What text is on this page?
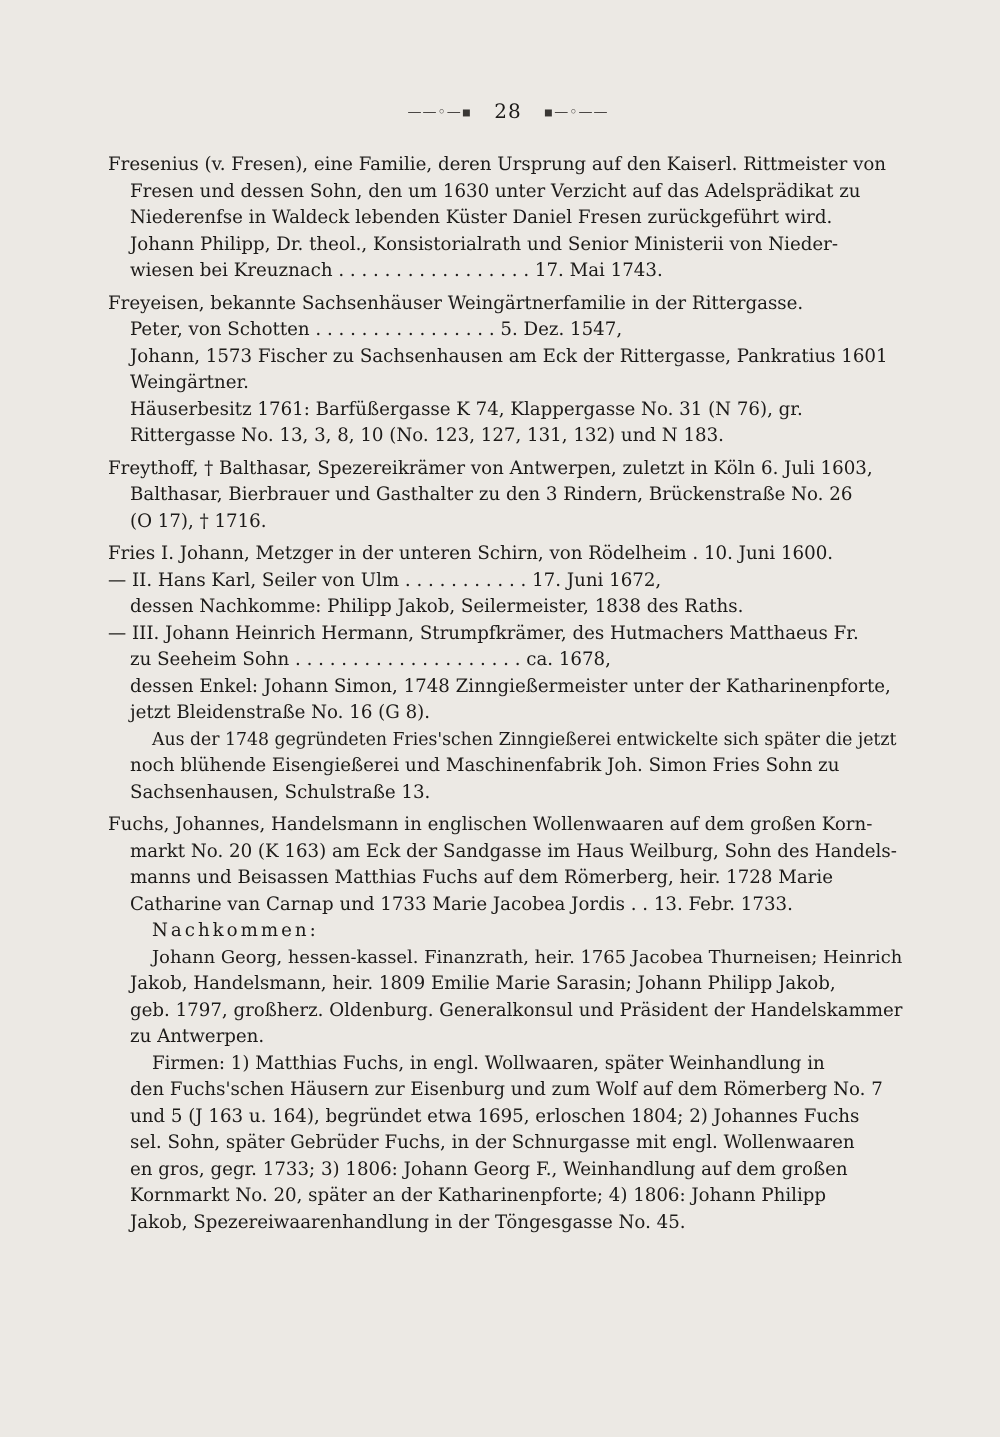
——◦—▪ 28 ▪—◦——
Fresenius (v. Fresen), eine Familie, deren Ursprung auf den Kaiserl. Rittmeister von
Fresen und dessen Sohn, den um 1630 unter Verzicht auf das Adelsprädikat zu
Niederenfse in Waldeck lebenden Küster Daniel Fresen zurückgeführt wird.
Johann Philipp, Dr. theol., Konsistorialrath und Senior Ministerii von Nieder-
wiesen bei Kreuznach . . . . . . . . . . . . . . . . . 17. Mai 1743.
Freyeisen, bekannte Sachsenhäuser Weingärtnerfamilie in der Rittergasse.
Peter, von Schotten . . . . . . . . . . . . . . . . 5. Dez. 1547,
Johann, 1573 Fischer zu Sachsenhausen am Eck der Rittergasse, Pankratius 1601
Weingärtner.
Häuserbesitz 1761: Barfüßergasse K 74, Klappergasse No. 31 (N 76), gr.
Rittergasse No. 13, 3, 8, 10 (No. 123, 127, 131, 132) und N 183.
Freythoff, † Balthasar, Spezereikrämer von Antwerpen, zuletzt in Köln 6. Juli 1603,
Balthasar, Bierbrauer und Gasthalter zu den 3 Rindern, Brückenstraße No. 26
(O 17), † 1716.
Fries I. Johann, Metzger in der unteren Schirn, von Rödelheim . 10. Juni 1600.
— II. Hans Karl, Seiler von Ulm . . . . . . . . . . . 17. Juni 1672,
dessen Nachkomme: Philipp Jakob, Seilermeister, 1838 des Raths.
— III. Johann Heinrich Hermann, Strumpfkrämer, des Hutmachers Matthaeus Fr.
zu Seeheim Sohn . . . . . . . . . . . . . . . . . . . . ca. 1678,
dessen Enkel: Johann Simon, 1748 Zinngießermeister unter der Katharinenpforte,
jetzt Bleidenstraße No. 16 (G 8).
Aus der 1748 gegründeten Fries'schen Zinngießerei entwickelte sich später die jetzt
noch blühende Eisengießerei und Maschinenfabrik Joh. Simon Fries Sohn zu
Sachsenhausen, Schulstraße 13.
Fuchs, Johannes, Handelsmann in englischen Wollenwaaren auf dem großen Korn-
markt No. 20 (K 163) am Eck der Sandgasse im Haus Weilburg, Sohn des Handels-
manns und Beisassen Matthias Fuchs auf dem Römerberg, heir. 1728 Marie
Catharine van Carnap und 1733 Marie Jacobea Jordis . . 13. Febr. 1733.
Nachkommen:
Johann Georg, hessen-kassel. Finanzrath, heir. 1765 Jacobea Thurneisen; Heinrich
Jakob, Handelsmann, heir. 1809 Emilie Marie Sarasin; Johann Philipp Jakob,
geb. 1797, großherz. Oldenburg. Generalkonsul und Präsident der Handelskammer
zu Antwerpen.
Firmen: 1) Matthias Fuchs, in engl. Wollwaaren, später Weinhandlung in
den Fuchs'schen Häusern zur Eisenburg und zum Wolf auf dem Römerberg No. 7
und 5 (J 163 u. 164), begründet etwa 1695, erloschen 1804; 2) Johannes Fuchs
sel. Sohn, später Gebrüder Fuchs, in der Schnurgasse mit engl. Wollenwaaren
en gros, gegr. 1733; 3) 1806: Johann Georg F., Weinhandlung auf dem großen
Kornmarkt No. 20, später an der Katharinenpforte; 4) 1806: Johann Philipp
Jakob, Spezereiwaarenhandlung in der Töngesgasse No. 45.
